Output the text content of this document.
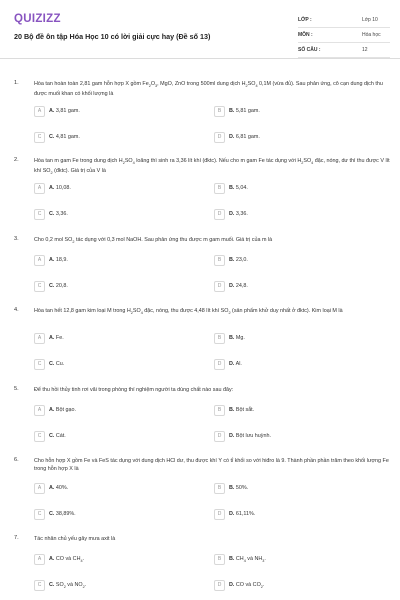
QUIZIZZ
20 Bộ đề ôn tập Hóa Học 10 có lời giải cực hay (Đề số 13)
LỚP :	Lớp 10
MÔN :	Hóa học
SỐ CÂU :	12
1.	Hòa tan hoàn toàn 2,81 gam hỗn hợp X gồm $Fe_2O_3$, MgO, ZnO trong 500ml dung dịch $H_2SO_4$ 0,1M (vừa đủ). Sau phản ứng, cô cạn dung dịch thu được muối khan có khối lượng là
A	A. 3,81 gam.	B	B. 5,81 gam.
C	C. 4,81 gam.	D	D. 6,81 gam.
2.	Hòa tan m gam Fe trong dung dịch $H_2SO_4$ loãng thì sinh ra 3,36 lít khí (đktc). Nếu cho m gam Fe tác dụng với $H_2SO_4$ đặc, nóng, dư thì thu được V lít khí $SO_2$ (đktc). Giá trị của V là
A	A. 10,08.	B	B. 5,04.
C	C. 3,36.	D	D. 3,36.
3.	Cho 0,2 mol $SO_2$ tác dụng với 0,3 mol NaOH. Sau phản ứng thu được m gam muối. Giá trị của m là
A	A. 18,9.	B	B. 23,0.
C	C. 20,8.	D	D. 24,8.
4.	Hòa tan hết 12,8 gam kim loại M trong $H_2SO_4$ đặc, nóng, thu được 4,48 lít khí $SO_2$ (sản phẩm khử duy nhất ở đktc). Kim loại M là
A	A. Fe.	B	B. Mg.
C	C. Cu.	D	D. Al.
5.	Để thu hồi thủy tinh rơi vãi trong phòng thí nghiệm người ta dùng chất nào sau đây:
A	A. Bột gạo.	B	B. Bột sắt.
C	C. Cát.	D	D. Bột lưu huỳnh.
6.	Cho hỗn hợp X gồm Fe và FeS tác dụng với dung dịch HCl dư, thu được khí Y có tỉ khối so với hiđro là 9. Thành phần phần trăm theo khối lượng Fe trong hỗn hợp X là
A	A. 40%.	B	B. 50%.
C	C. 38,89%.	D	D. 61,11%.
7.	Tác nhân chủ yếu gây mưa axit là
A	A. CO và $CH_4$.	B	B. $CH_4$ và $NH_3$.
C	C. $SO_2$ và $NO_2$.	D	D. CO và $CO_2$.
